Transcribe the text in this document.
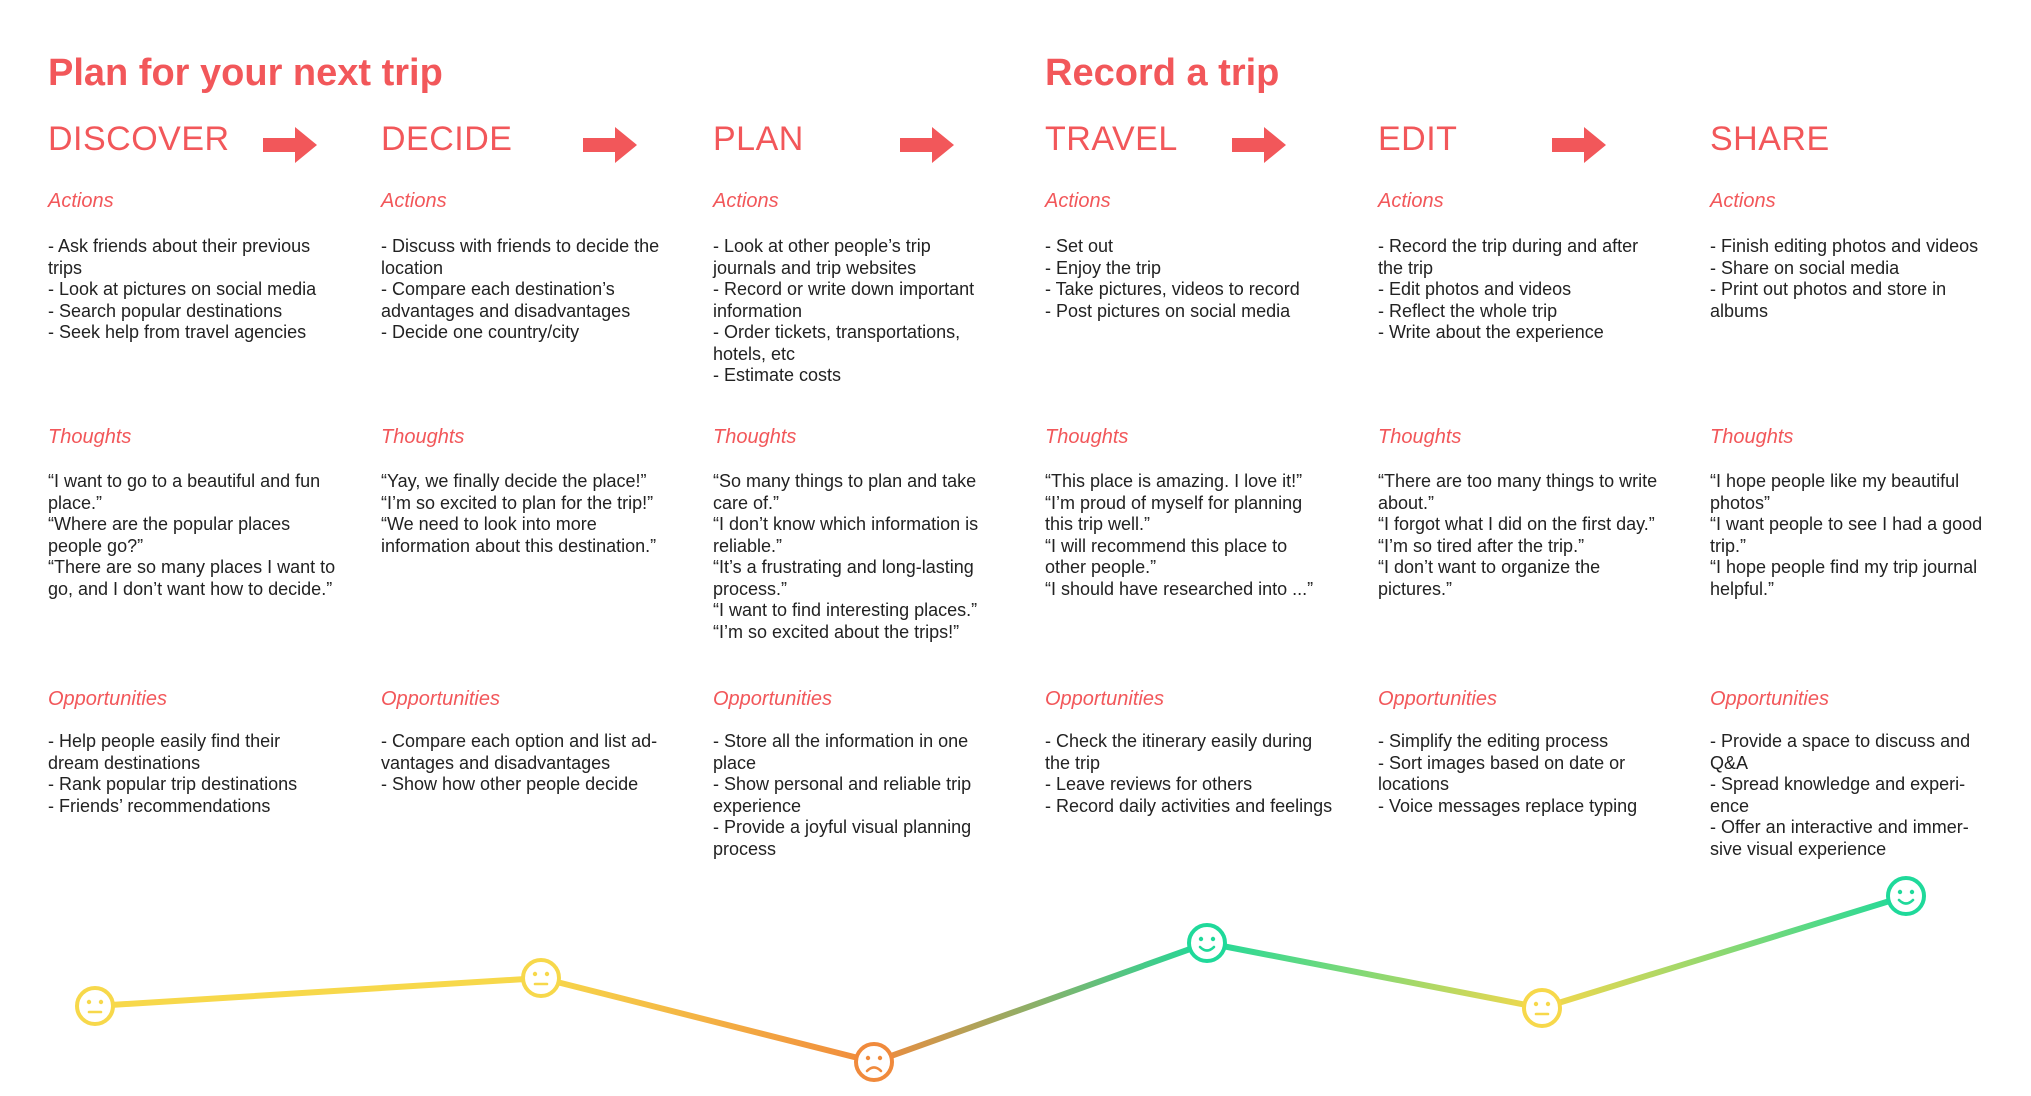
Plan for your next trip	Record a trip
DISCOVER
Actions
- Ask friends about their previous
trips
- Look at pictures on social media
- Search popular destinations
- Seek help from travel agencies
Thoughts
“I want to go to a beautiful and fun
place.”
“Where are the popular places
people go?”
“There are so many places I want to
go, and I don’t want how to decide.”
Opportunities
- Help people easily find their
dream destinations
- Rank popular trip destinations
- Friends’ recommendations
DECIDE
Actions
- Discuss with friends to decide the
location
- Compare each destination’s
advantages and disadvantages
- Decide one country/city
Thoughts
“Yay, we finally decide the place!”
“I’m so excited to plan for the trip!”
“We need to look into more
information about this destination.”
Opportunities
- Compare each option and list ad-
vantages and disadvantages
- Show how other people decide
PLAN
Actions
- Look at other people’s trip
journals and trip websites
- Record or write down important
information
- Order tickets, transportations,
hotels, etc
- Estimate costs
Thoughts
“So many things to plan and take
care of.”
“I don’t know which information is
reliable.”
“It’s a frustrating and long-lasting
process.”
“I want to find interesting places.”
“I’m so excited about the trips!”
Opportunities
- Store all the information in one
place
- Show personal and reliable trip
experience
- Provide a joyful visual planning
process
TRAVEL
Actions
- Set out
- Enjoy the trip
- Take pictures, videos to record
- Post pictures on social media
Thoughts
“This place is amazing. I love it!”
“I’m proud of myself for planning
this trip well.”
“I will recommend this place to
other people.”
“I should have researched into ...”
Opportunities
- Check the itinerary easily during
the trip
- Leave reviews for others
- Record daily activities and feelings
EDIT
Actions
- Record the trip during and after
the trip
- Edit photos and videos
- Reflect the whole trip
- Write about the experience
Thoughts
“There are too many things to write
about.”
“I forgot what I did on the first day.”
“I’m so tired after the trip.”
“I don’t want to organize the
pictures.”
Opportunities
- Simplify the editing process
- Sort images based on date or
locations
- Voice messages replace typing
SHARE
Actions
- Finish editing photos and videos
- Share on social media
- Print out photos and store in
albums
Thoughts
“I hope people like my beautiful
photos”
“I want people to see I had a good
trip.”
“I hope people find my trip journal
helpful.”
Opportunities
- Provide a space to discuss and
Q&A
- Spread knowledge and experi-
ence
- Offer an interactive and immer-
sive visual experience
